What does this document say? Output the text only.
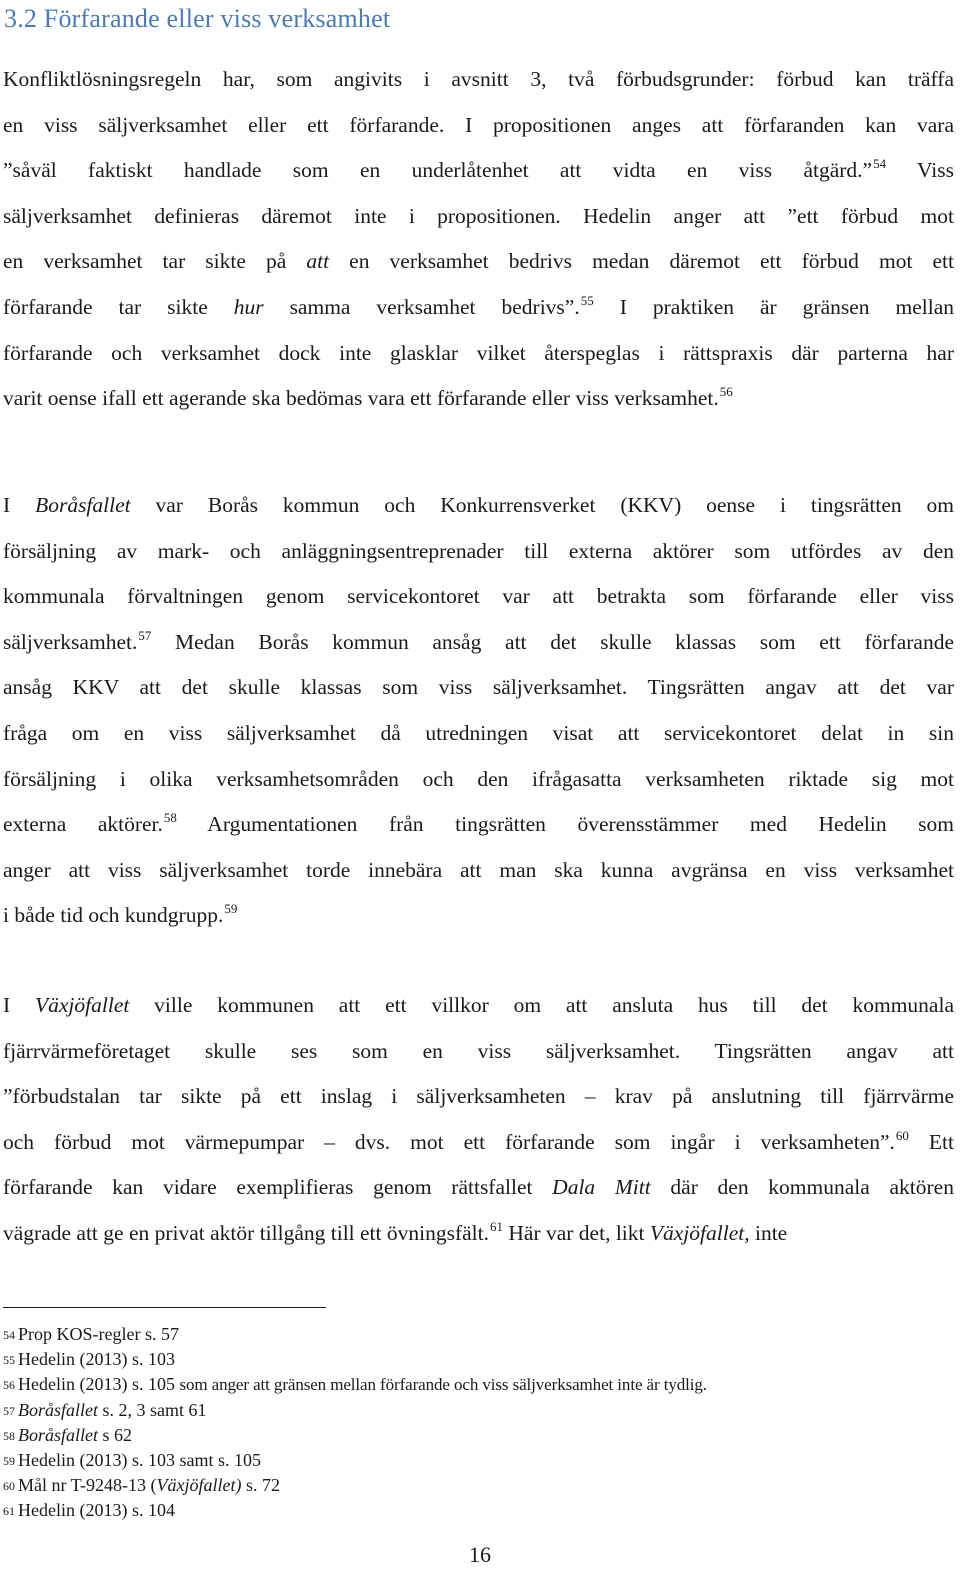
3.2 Förfarande eller viss verksamhet
Konfliktlösningsregeln har, som angivits i avsnitt 3, två förbudsgrunder: förbud kan träffa
en viss säljverksamhet eller ett förfarande. I propositionen anges att förfaranden kan vara
”såväl faktiskt handlade som en underlåtenhet att vidta en viss åtgärd.”$^{54}$ Viss
säljverksamhet definieras däremot inte i propositionen. Hedelin anger att ”ett förbud mot
en verksamhet tar sikte på att en verksamhet bedrivs medan däremot ett förbud mot ett
förfarande tar sikte hur samma verksamhet bedrivs”.$^{55}$ I praktiken är gränsen mellan
förfarande och verksamhet dock inte glasklar vilket återspeglas i rättspraxis där parterna har
varit oense ifall ett agerande ska bedömas vara ett förfarande eller viss verksamhet.$^{56}$
I Boråsfallet var Borås kommun och Konkurrensverket (KKV) oense i tingsrätten om
försäljning av mark- och anläggningsentreprenader till externa aktörer som utfördes av den
kommunala förvaltningen genom servicekontoret var att betrakta som förfarande eller viss
säljverksamhet.$^{57}$ Medan Borås kommun ansåg att det skulle klassas som ett förfarande
ansåg KKV att det skulle klassas som viss säljverksamhet. Tingsrätten angav att det var
fråga om en viss säljverksamhet då utredningen visat att servicekontoret delat in sin
försäljning i olika verksamhetsområden och den ifrågasatta verksamheten riktade sig mot
externa aktörer.$^{58}$ Argumentationen från tingsrätten överensstämmer med Hedelin som
anger att viss säljverksamhet torde innebära att man ska kunna avgränsa en viss verksamhet
i både tid och kundgrupp.$^{59}$
I Växjöfallet ville kommunen att ett villkor om att ansluta hus till det kommunala
fjärrvärmeföretaget skulle ses som en viss säljverksamhet. Tingsrätten angav att
”förbudstalan tar sikte på ett inslag i säljverksamheten – krav på anslutning till fjärrvärme
och förbud mot värmepumpar – dvs. mot ett förfarande som ingår i verksamheten”.$^{60}$ Ett
förfarande kan vidare exemplifieras genom rättsfallet Dala Mitt där den kommunala aktören
vägrade att ge en privat aktör tillgång till ett övningsfält.$^{61}$ Här var det, likt Växjöfallet, inte
54 Prop KOS-regler s. 57
55 Hedelin (2013) s. 103
56 Hedelin (2013) s. 105 som anger att gränsen mellan förfarande och viss säljverksamhet inte är tydlig.
57 Boråsfallet s. 2, 3 samt 61
58 Boråsfallet s 62
59 Hedelin (2013) s. 103 samt s. 105
60 Mål nr T-9248-13 (Växjöfallet) s. 72
61 Hedelin (2013) s. 104
16
